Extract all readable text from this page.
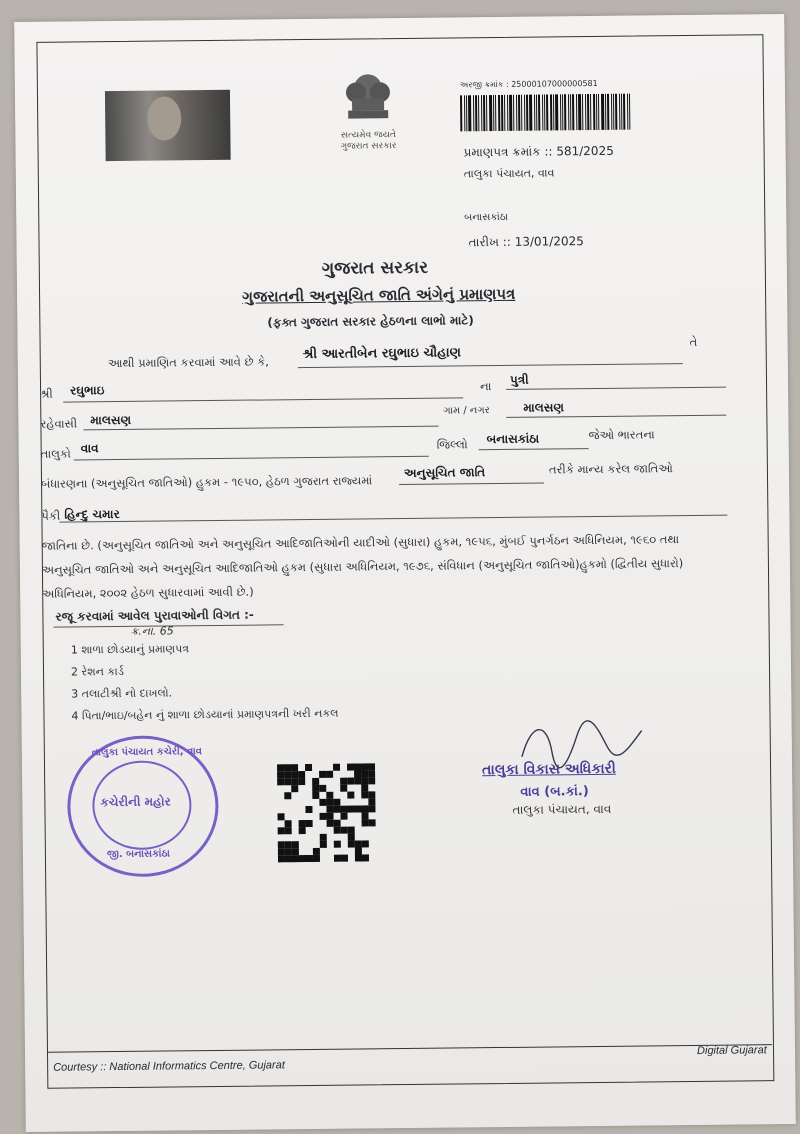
સત્યમેવ જયતે
ગુજરાત સરકાર
અરજી ક્રમાંક : 25000107000000581
પ્રમાણપત્ર ક્રમાંક :: 581/2025
તાલુકા પંચાયત, વાવ
બનાસકાંઠા
તારીખ :: 13/01/2025
ગુજરાત સરકાર
ગુજરાતની અનુસૂચિત જાતિ અંગેનું પ્રમાણપત્ર
(ફક્ત ગુજરાત સરકાર હેઠળના લાભો માટે)
આથી પ્રમાણિત કરવામાં આવે છે કે,
શ્રી આરતીબેન રઘુભાઇ ચૌહાણ
તે
શ્રી રઘુભાઇ	ના પુત્રી
રહેવાસી માલસણ
ગામ / નગર	માલસણ
તાલુકો વાવ	જિલ્લો બનાસકાંઠા	જેઓ ભારતના
બંધારણના (અનુસૂચિત જાતિઓ) હુકમ - ૧૯૫૦, હેઠળ ગુજરાત રાજ્યમાં
અનુસૂચિત જાતિ	તરીકે માન્ય કરેલ જાતિઓ
પૈકી હિન્દુ ચમાર
જાતિના છે. (અનુસૂચિત જાતિઓ અને અનુસૂચિત આદિજાતિઓની યાદીઓ (સુધારા) હુકમ, ૧૯૫૬, મુંબઈ પુનર્ગઠન અધિનિયમ, ૧૯૬૦ તથા
અનુસૂચિત જાતિઓ અને અનુસૂચિત આદિજાતિઓ હુકમ (સુધારા અધિનિયમ, ૧૯૭૬, સંવિધાન (અનુસૂચિત જાતિઓ)હુકમો (દ્વિતીય સુધારો)
અધિનિયમ, ૨૦૦૨ હેઠળ સુધારવામાં આવી છે.)
રજૂ કરવામાં આવેલ પુરાવાઓની વિગત :-
ક્ર.ના. 65
1 શાળા છોડયાનું પ્રમાણપત્ર
2 રેશન કાર્ડ
3 તલાટીશ્રી નો દાખલો.
4 પિતા/ભાઇ/બહેન નું શાળા છોડયાનાં પ્રમાણપત્રની ખરી નકલ
તાલુકા પંચાયત કચેરી, વાવ
કચેરીની મહોર
જી. બનાસકાંઠા
તાલુકા વિકાસ અધિકારી
વાવ (બ.કાં.)
તાલુકા પંચાયત, વાવ
Courtesy :: National Informatics Centre, Gujarat
Digital Gujarat
